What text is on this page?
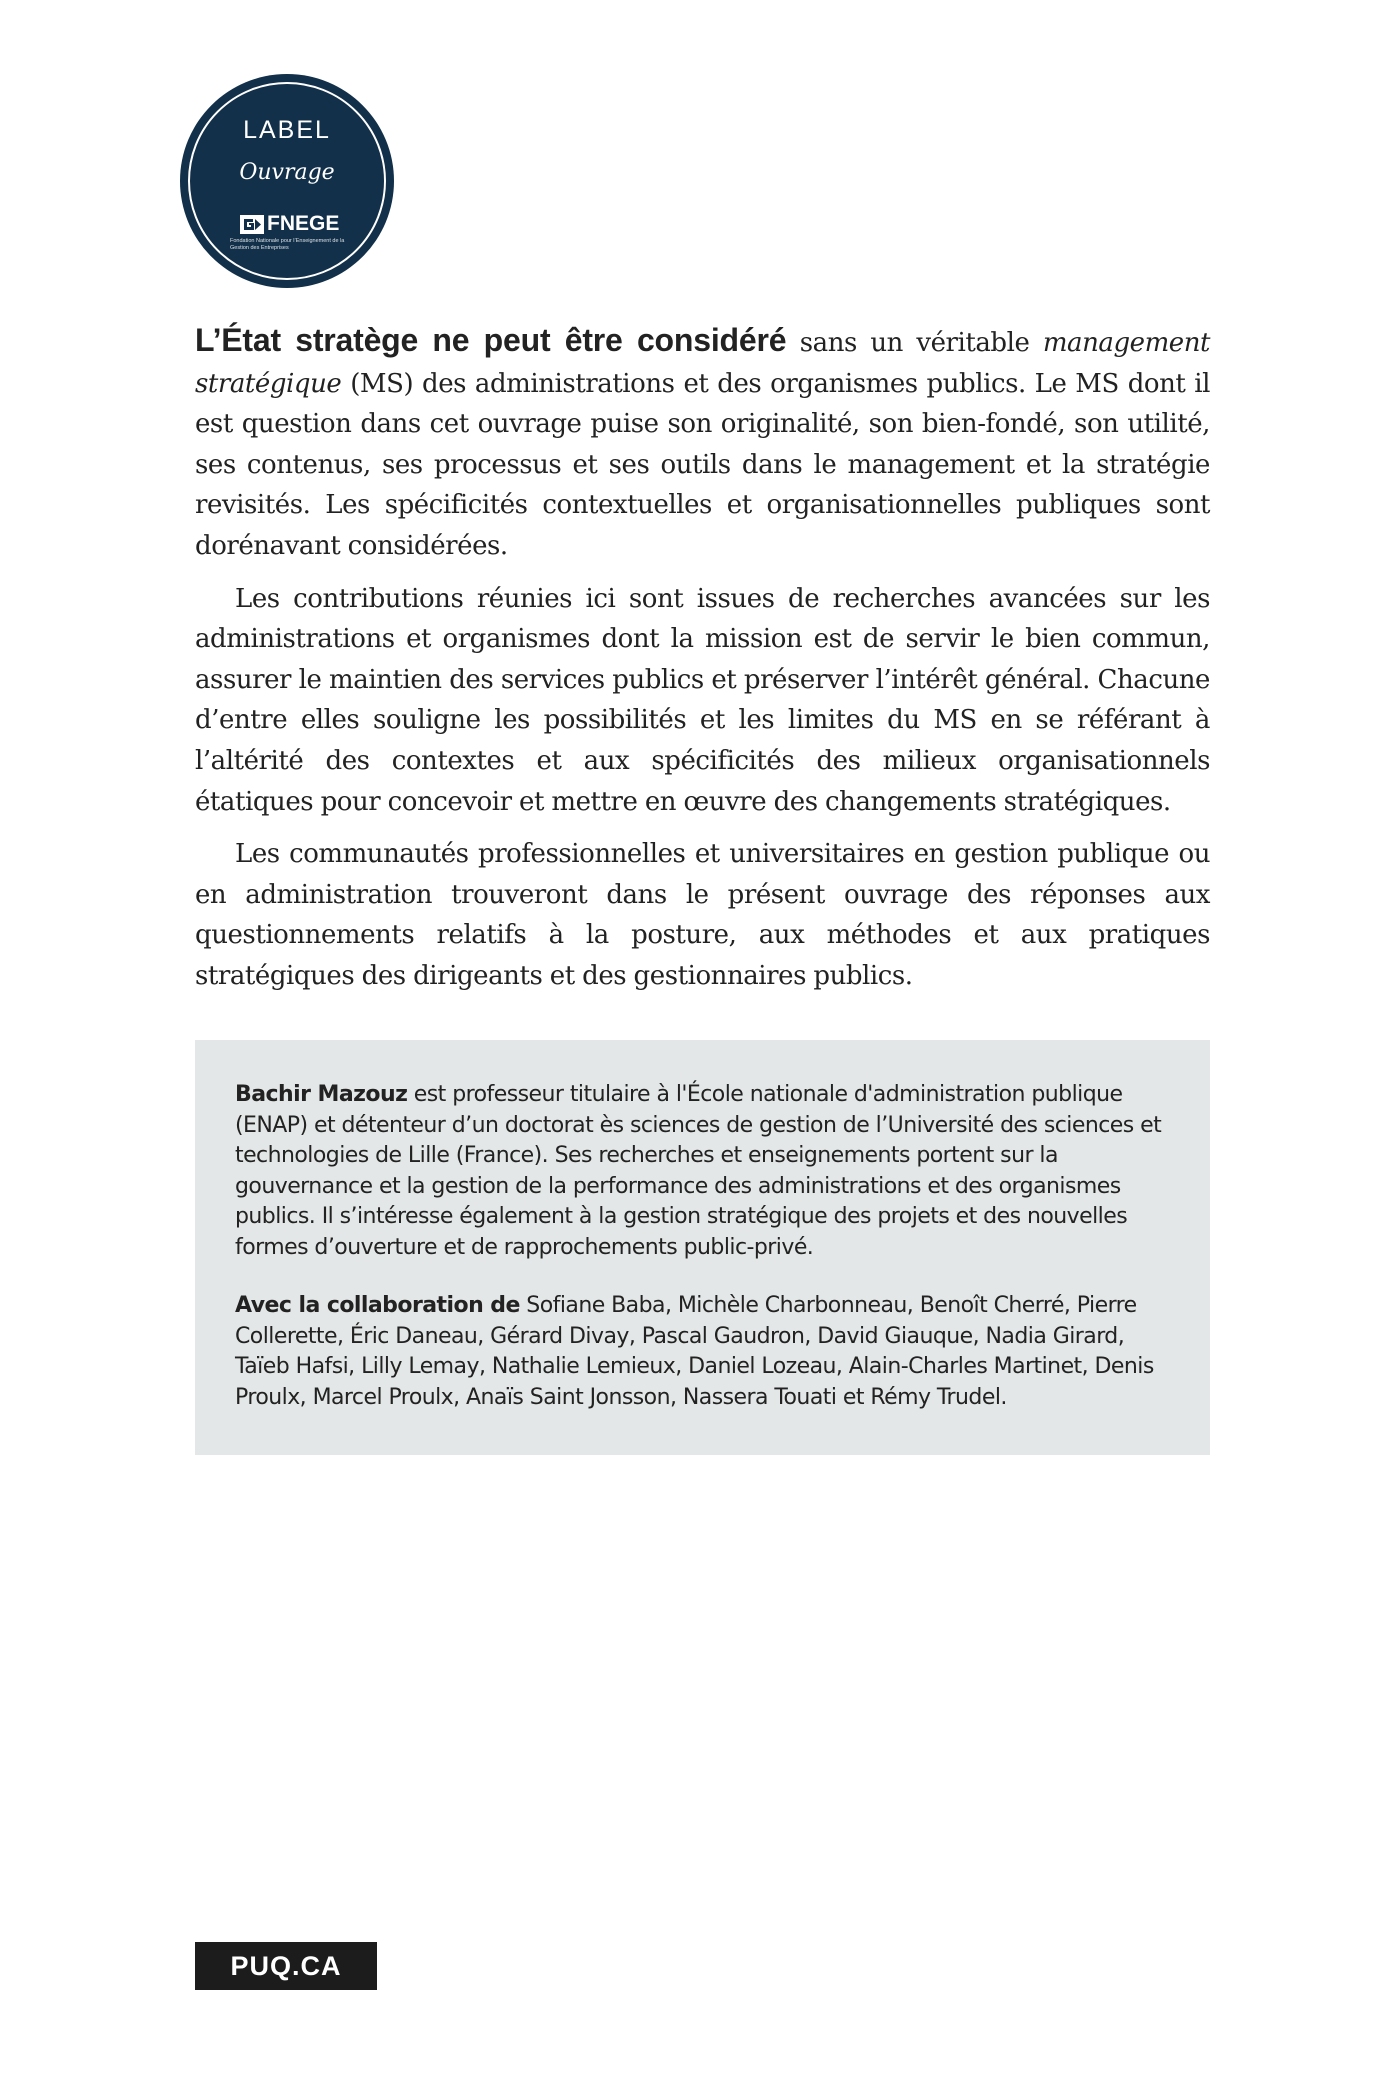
LABEL
Ouvrage
FNEGE
Fondation Nationale pour l’Enseignement de la Gestion des Entreprises

L’État stratège ne peut être considéré sans un véritable management stratégique (MS) des administrations et des organismes publics. Le MS dont il est question dans cet ouvrage puise son originalité, son bien-fondé, son utilité, ses contenus, ses processus et ses outils dans le management et la stratégie revisités. Les spécificités contextuelles et organisationnelles publiques sont dorénavant considérées.

Les contributions réunies ici sont issues de recherches avancées sur les administrations et organismes dont la mission est de servir le bien commun, assurer le maintien des services publics et préserver l’intérêt général. Chacune d’entre elles souligne les possibilités et les limites du MS en se référant à l’altérité des contextes et aux spécificités des milieux organisationnels étatiques pour concevoir et mettre en œuvre des changements stratégiques.

Les communautés professionnelles et universitaires en gestion publique ou en administration trouveront dans le présent ouvrage des réponses aux questionnements relatifs à la posture, aux méthodes et aux pratiques stratégiques des dirigeants et des gestionnaires publics.

Bachir Mazouz est professeur titulaire à l'École nationale d'administration publique (ENAP) et détenteur d’un doctorat ès sciences de gestion de l’Université des sciences et technologies de Lille (France). Ses recherches et enseignements portent sur la gouvernance et la gestion de la performance des administrations et des organismes publics. Il s’intéresse également à la gestion stratégique des projets et des nouvelles formes d’ouverture et de rapprochements public-privé.

Avec la collaboration de Sofiane Baba, Michèle Charbonneau, Benoît Cherré, Pierre Collerette, Éric Daneau, Gérard Divay, Pascal Gaudron, David Giauque, Nadia Girard, Taïeb Hafsi, Lilly Lemay, Nathalie Lemieux, Daniel Lozeau, Alain-Charles Martinet, Denis Proulx, Marcel Proulx, Anaïs Saint Jonsson, Nassera Touati et Rémy Trudel.

PUQ.CA
